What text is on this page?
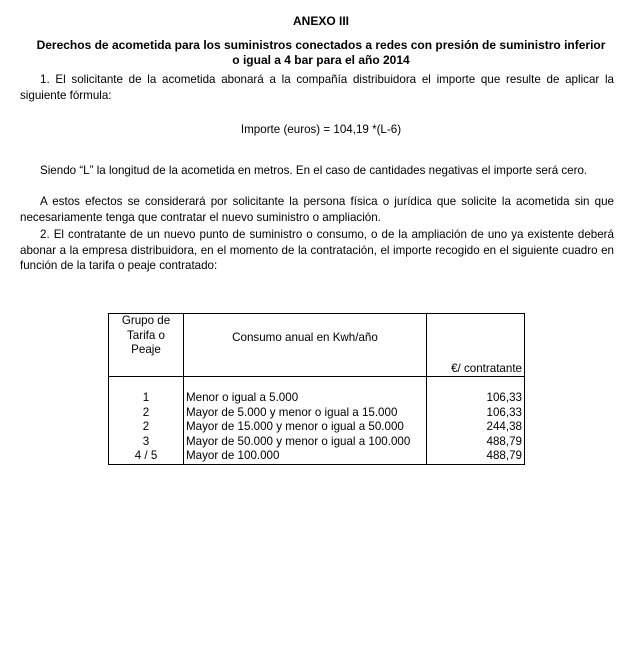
ANEXO III
Derechos de acometida para los suministros conectados a redes con presión de suministro inferior
o igual a 4 bar para el año 2014
1. El solicitante de la acometida abonará a la compañía distribuidora el importe que resulte de aplicar la siguiente fórmula:
Importe (euros) = 104,19 *(L-6)
Siendo “L” la longitud de la acometida en metros. En el caso de cantidades negativas el importe será cero.
A estos efectos se considerará por solicitante la persona física o jurídica que solicite la acometida sin que necesariamente tenga que contratar el nuevo suministro o ampliación.
2. El contratante de un nuevo punto de suministro o consumo, o de la ampliación de uno ya existente deberá abonar a la empresa distribuidora, en el momento de la contratación, el importe recogido en el siguiente cuadro en función de la tarifa o peaje contratado:
Grupo de
Tarifa o
Peaje	Consumo anual en Kwh/año	€/ contratante

1	Menor o igual a 5.000	106,33
2	Mayor de 5.000 y menor o igual a 15.000	106,33
2	Mayor de 15.000 y menor o igual a 50.000	244,38
3	Mayor de 50.000 y menor o igual a 100.000	488,79
4 / 5	Mayor de 100.000	488,79
